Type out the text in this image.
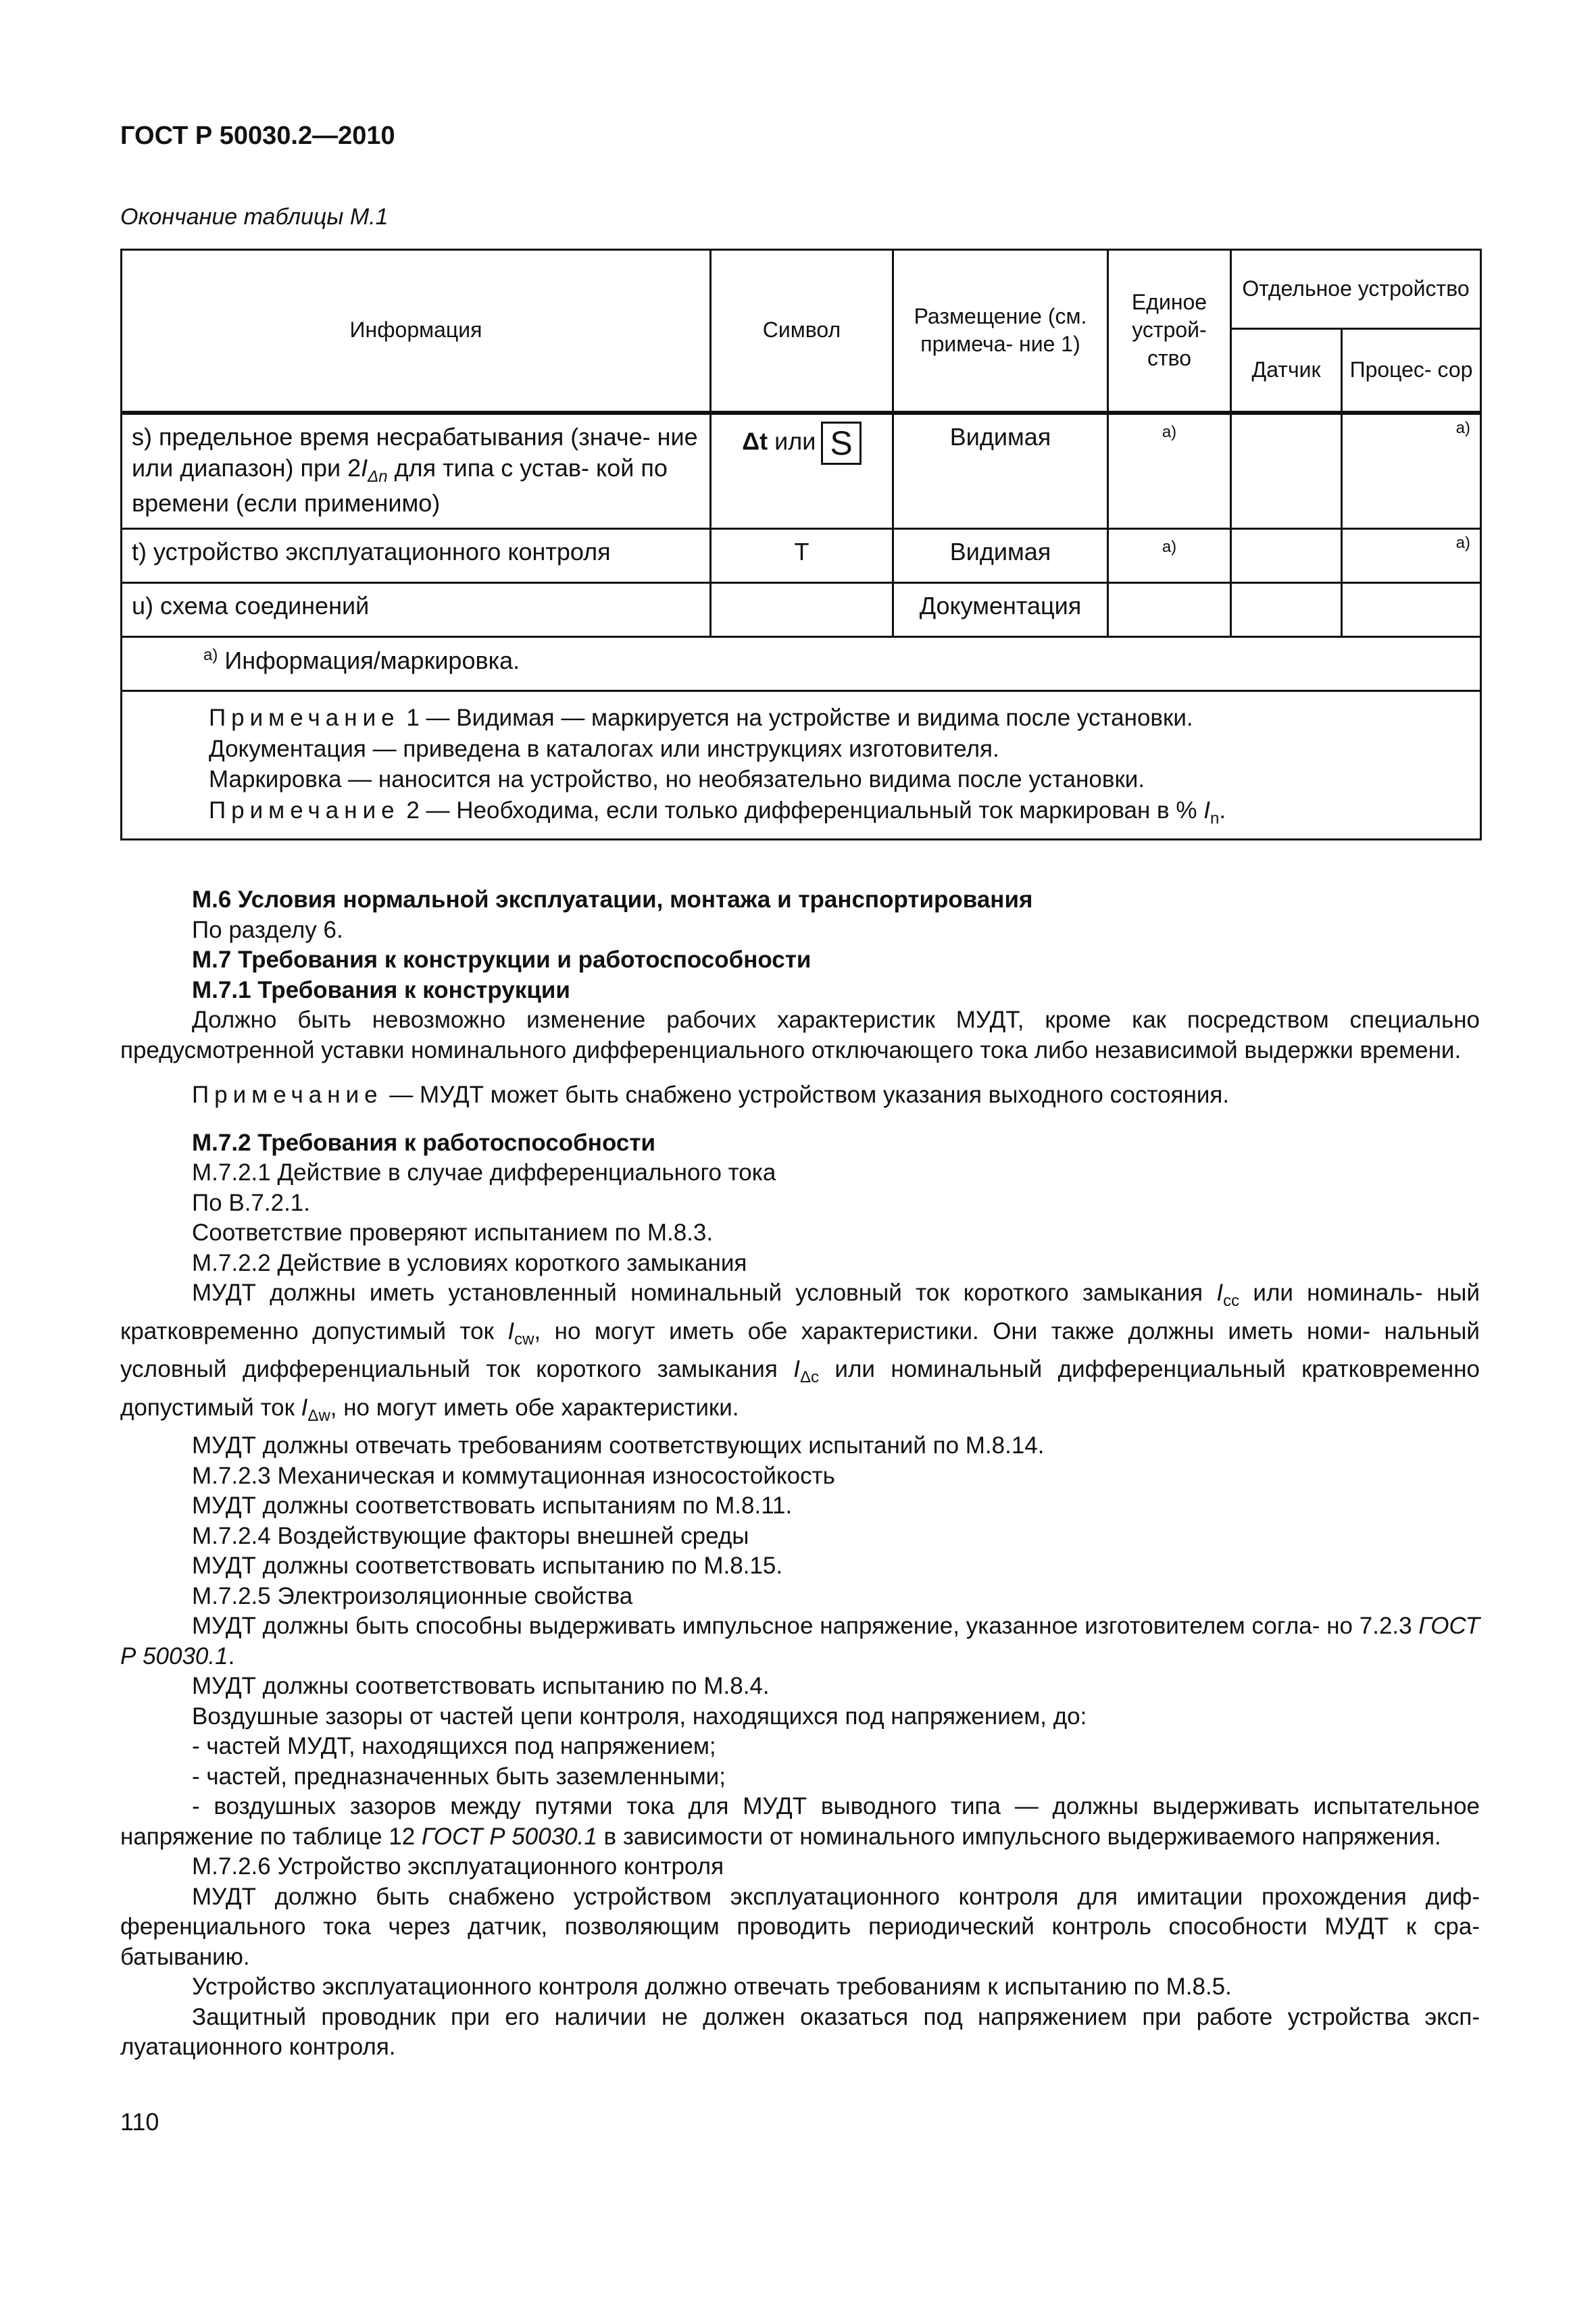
ГОСТ Р 50030.2—2010
Окончание таблицы М.1
Информация	Символ	Размещение (см. примеча- ние 1)	Единое устрой- ство	Отдельное устройство	
				Датчик	Процес- сор
s) предельное время несрабатывания (значе- ние или диапазон) при $2I_{\Delta n}$ для типа с устав- кой по времени (если применимо)	Δt или S	Видимая	а)		а)
t) устройство эксплуатационного контроля	T	Видимая	а)		а)
u) схема соединений		Документация			
$^{а)}$ Информация/маркировка.					

Примечание 1 — Видимая — маркируется на устройстве и видима после установки.
Документация — приведена в каталогах или инструкциях изготовителя.
Маркировка — наносится на устройство, но необязательно видима после установки.
Примечание 2 — Необходима, если только дифференциальный ток маркирован в % $I_n$.					

М.6 Условия нормальной эксплуатации, монтажа и транспортирования

По разделу 6.

М.7 Требования к конструкции и работоспособности

М.7.1 Требования к конструкции

Должно быть невозможно изменение рабочих характеристик МУДТ, кроме как посредством специально предусмотренной уставки номинального дифференциального отключающего тока либо независимой выдержки времени.

Примечание — МУДТ может быть снабжено устройством указания выходного состояния.

М.7.2 Требования к работоспособности

М.7.2.1 Действие в случае дифференциального тока

По В.7.2.1.

Соответствие проверяют испытанием по М.8.3.

М.7.2.2 Действие в условиях короткого замыкания

МУДТ должны иметь установленный номинальный условный ток короткого замыкания $I_{cc}$ или номиналь- ный кратковременно допустимый ток $I_{cw}$, но могут иметь обе характеристики. Они также должны иметь номи- нальный условный дифференциальный ток короткого замыкания $I_{\Delta c}$ или номинальный дифференциальный кратковременно допустимый ток $I_{\Delta w}$, но могут иметь обе характеристики.

МУДТ должны отвечать требованиям соответствующих испытаний по М.8.14.

М.7.2.3 Механическая и коммутационная износостойкость

МУДТ должны соответствовать испытаниям по М.8.11.

М.7.2.4 Воздействующие факторы внешней среды

МУДТ должны соответствовать испытанию по М.8.15.

М.7.2.5 Электроизоляционные свойства

МУДТ должны быть способны выдерживать импульсное напряжение, указанное изготовителем согла- но 7.2.3 ГОСТ Р 50030.1.

МУДТ должны соответствовать испытанию по М.8.4.

Воздушные зазоры от частей цепи контроля, находящихся под напряжением, до:

- частей МУДТ, находящихся под напряжением;

- частей, предназначенных быть заземленными;

- воздушных зазоров между путями тока для МУДТ выводного типа — должны выдерживать испытательное напряжение по таблице 12 ГОСТ Р 50030.1 в зависимости от номинального импульсного выдерживаемого напряжения.

М.7.2.6 Устройство эксплуатационного контроля

МУДТ должно быть снабжено устройством эксплуатационного контроля для имитации прохождения диф- ференциального тока через датчик, позволяющим проводить периодический контроль способности МУДТ к сра- батыванию.

Устройство эксплуатационного контроля должно отвечать требованиям к испытанию по М.8.5.

Защитный проводник при его наличии не должен оказаться под напряжением при работе устройства эксп- луатационного контроля.

110
